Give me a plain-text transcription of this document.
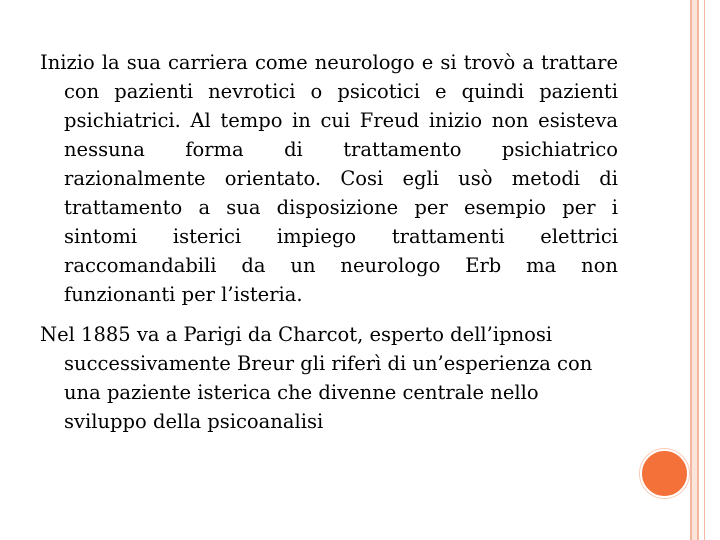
Inizio la sua carriera come neurologo e si trovò a trattare con pazienti nevrotici o psicotici e quindi pazienti psichiatrici. Al tempo in cui Freud inizio non esisteva nessuna forma di trattamento psichiatrico razionalmente orientato. Cosi egli usò metodi di trattamento a sua disposizione per esempio per i sintomi isterici impiego trattamenti elettrici raccomandabili da un neurologo Erb ma non funzionanti per l’isteria.

Nel 1885 va a Parigi da Charcot, esperto dell’ipnosi successivamente Breur gli riferì di un’esperienza con una paziente isterica che divenne centrale nello sviluppo della psicoanalisi
